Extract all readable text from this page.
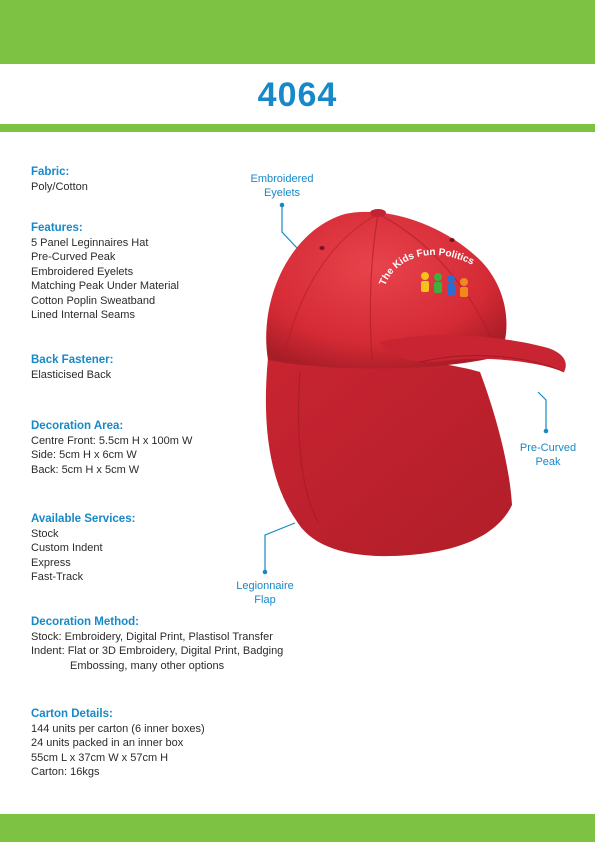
4064
The Kids Fun Politics
Embroidered
Eyelets
Pre-Curved
Peak
Legionnaire
Flap
Fabric:
Poly/Cotton
Features:
5 Panel Leginnaires Hat
Pre-Curved Peak
Embroidered Eyelets
Matching Peak Under Material
Cotton Poplin Sweatband
Lined Internal Seams
Back Fastener:
Elasticised Back
Decoration Area:
Centre Front: 5.5cm H x 100m W
Side: 5cm H x 6cm W
Back: 5cm H x 5cm W
Available Services:
Stock
Custom Indent
Express
Fast-Track
Decoration Method:
Stock: Embroidery, Digital Print, Plastisol Transfer
Indent: Flat or 3D Embroidery, Digital Print, Badging
Embossing, many other options
Carton Details:
144 units per carton (6 inner boxes)
24 units packed in an inner box
55cm L x 37cm W x 57cm H
Carton: 16kgs
